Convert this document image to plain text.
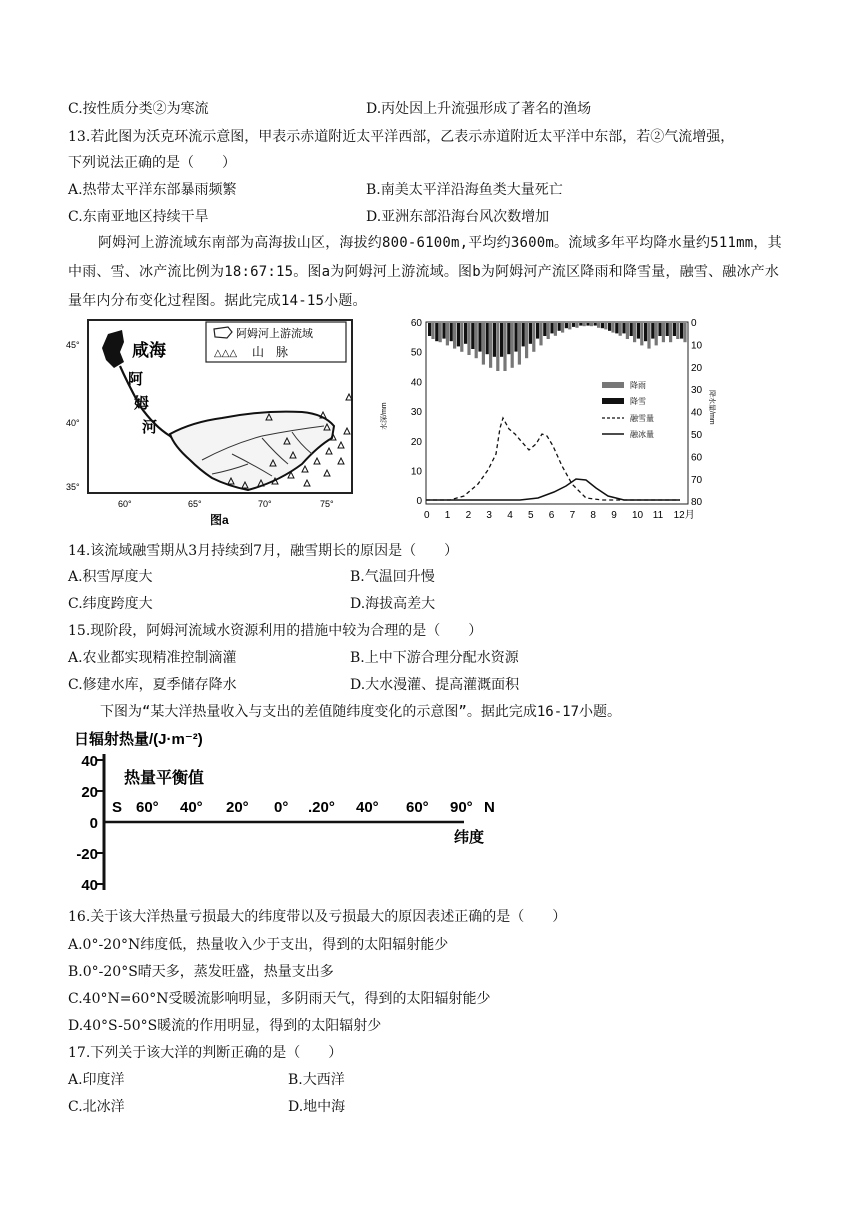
C.按性质分类②为寒流	D.丙处因上升流强形成了著名的渔场
13.若此图为沃克环流示意图，甲表示赤道附近太平洋西部，乙表示赤道附近太平洋中东部，若②气流增强，
下列说法正确的是（　　）
A.热带太平洋东部暴雨频繁	B.南美太平洋沿海鱼类大量死亡
C.东南亚地区持续干旱	D.亚洲东部沿海台风次数增加
阿姆河上游流域东南部为高海拔山区，海拔约800-6100m,平均约3600m。流域多年平均降水量约511mm，其中雨、雪、冰产流比例为18:67:15。图a为阿姆河上游流域。图b为阿姆河产流区降雨和降雪量，融雪、融冰产水量年内分布变化过程图。据此完成14-15小题。
阿姆河上游流域
△△△ 山　脉
咸海
阿
姆
河
45°
40°
35°
60°	65°	70°	75°
图a
水深/mm	降水量/mm
60
50
40
30
20
10
0
0
10
20
30
40
50
60
70
80
0 1 2 3 4 5 6 7 8 9 10 11 12月
降雨
降雪
融雪量
融冰量
14.该流域融雪期从3月持续到7月，融雪期长的原因是（　　）
A.积雪厚度大	B.气温回升慢
C.纬度跨度大	D.海拔高差大
15.现阶段，阿姆河流域水资源利用的措施中较为合理的是（　　）
A.农业都实现精准控制滴灌	B.上中下游合理分配水资源
C.修建水库，夏季储存降水	D.大水漫灌、提高灌溉面积
下图为“某大洋热量收入与支出的差值随纬度变化的示意图”。据此完成16-17小题。
日辐射热量/(J·m⁻²)
40
20
0
-20
40
热量平衡值
S 60° 40° 20° 0° .20° 40° 60° 90° N
纬度
16.关于该大洋热量亏损最大的纬度带以及亏损最大的原因表述正确的是（　　）
A.0°-20°N纬度低，热量收入少于支出，得到的太阳辐射能少
B.0°-20°S晴天多，蒸发旺盛，热量支出多
C.40°N=60°N受暖流影响明显，多阴雨天气，得到的太阳辐射能少
D.40°S-50°S暖流的作用明显，得到的太阳辐射少
17.下列关于该大洋的判断正确的是（　　）
A.印度洋	B.大西洋
C.北冰洋	D.地中海
